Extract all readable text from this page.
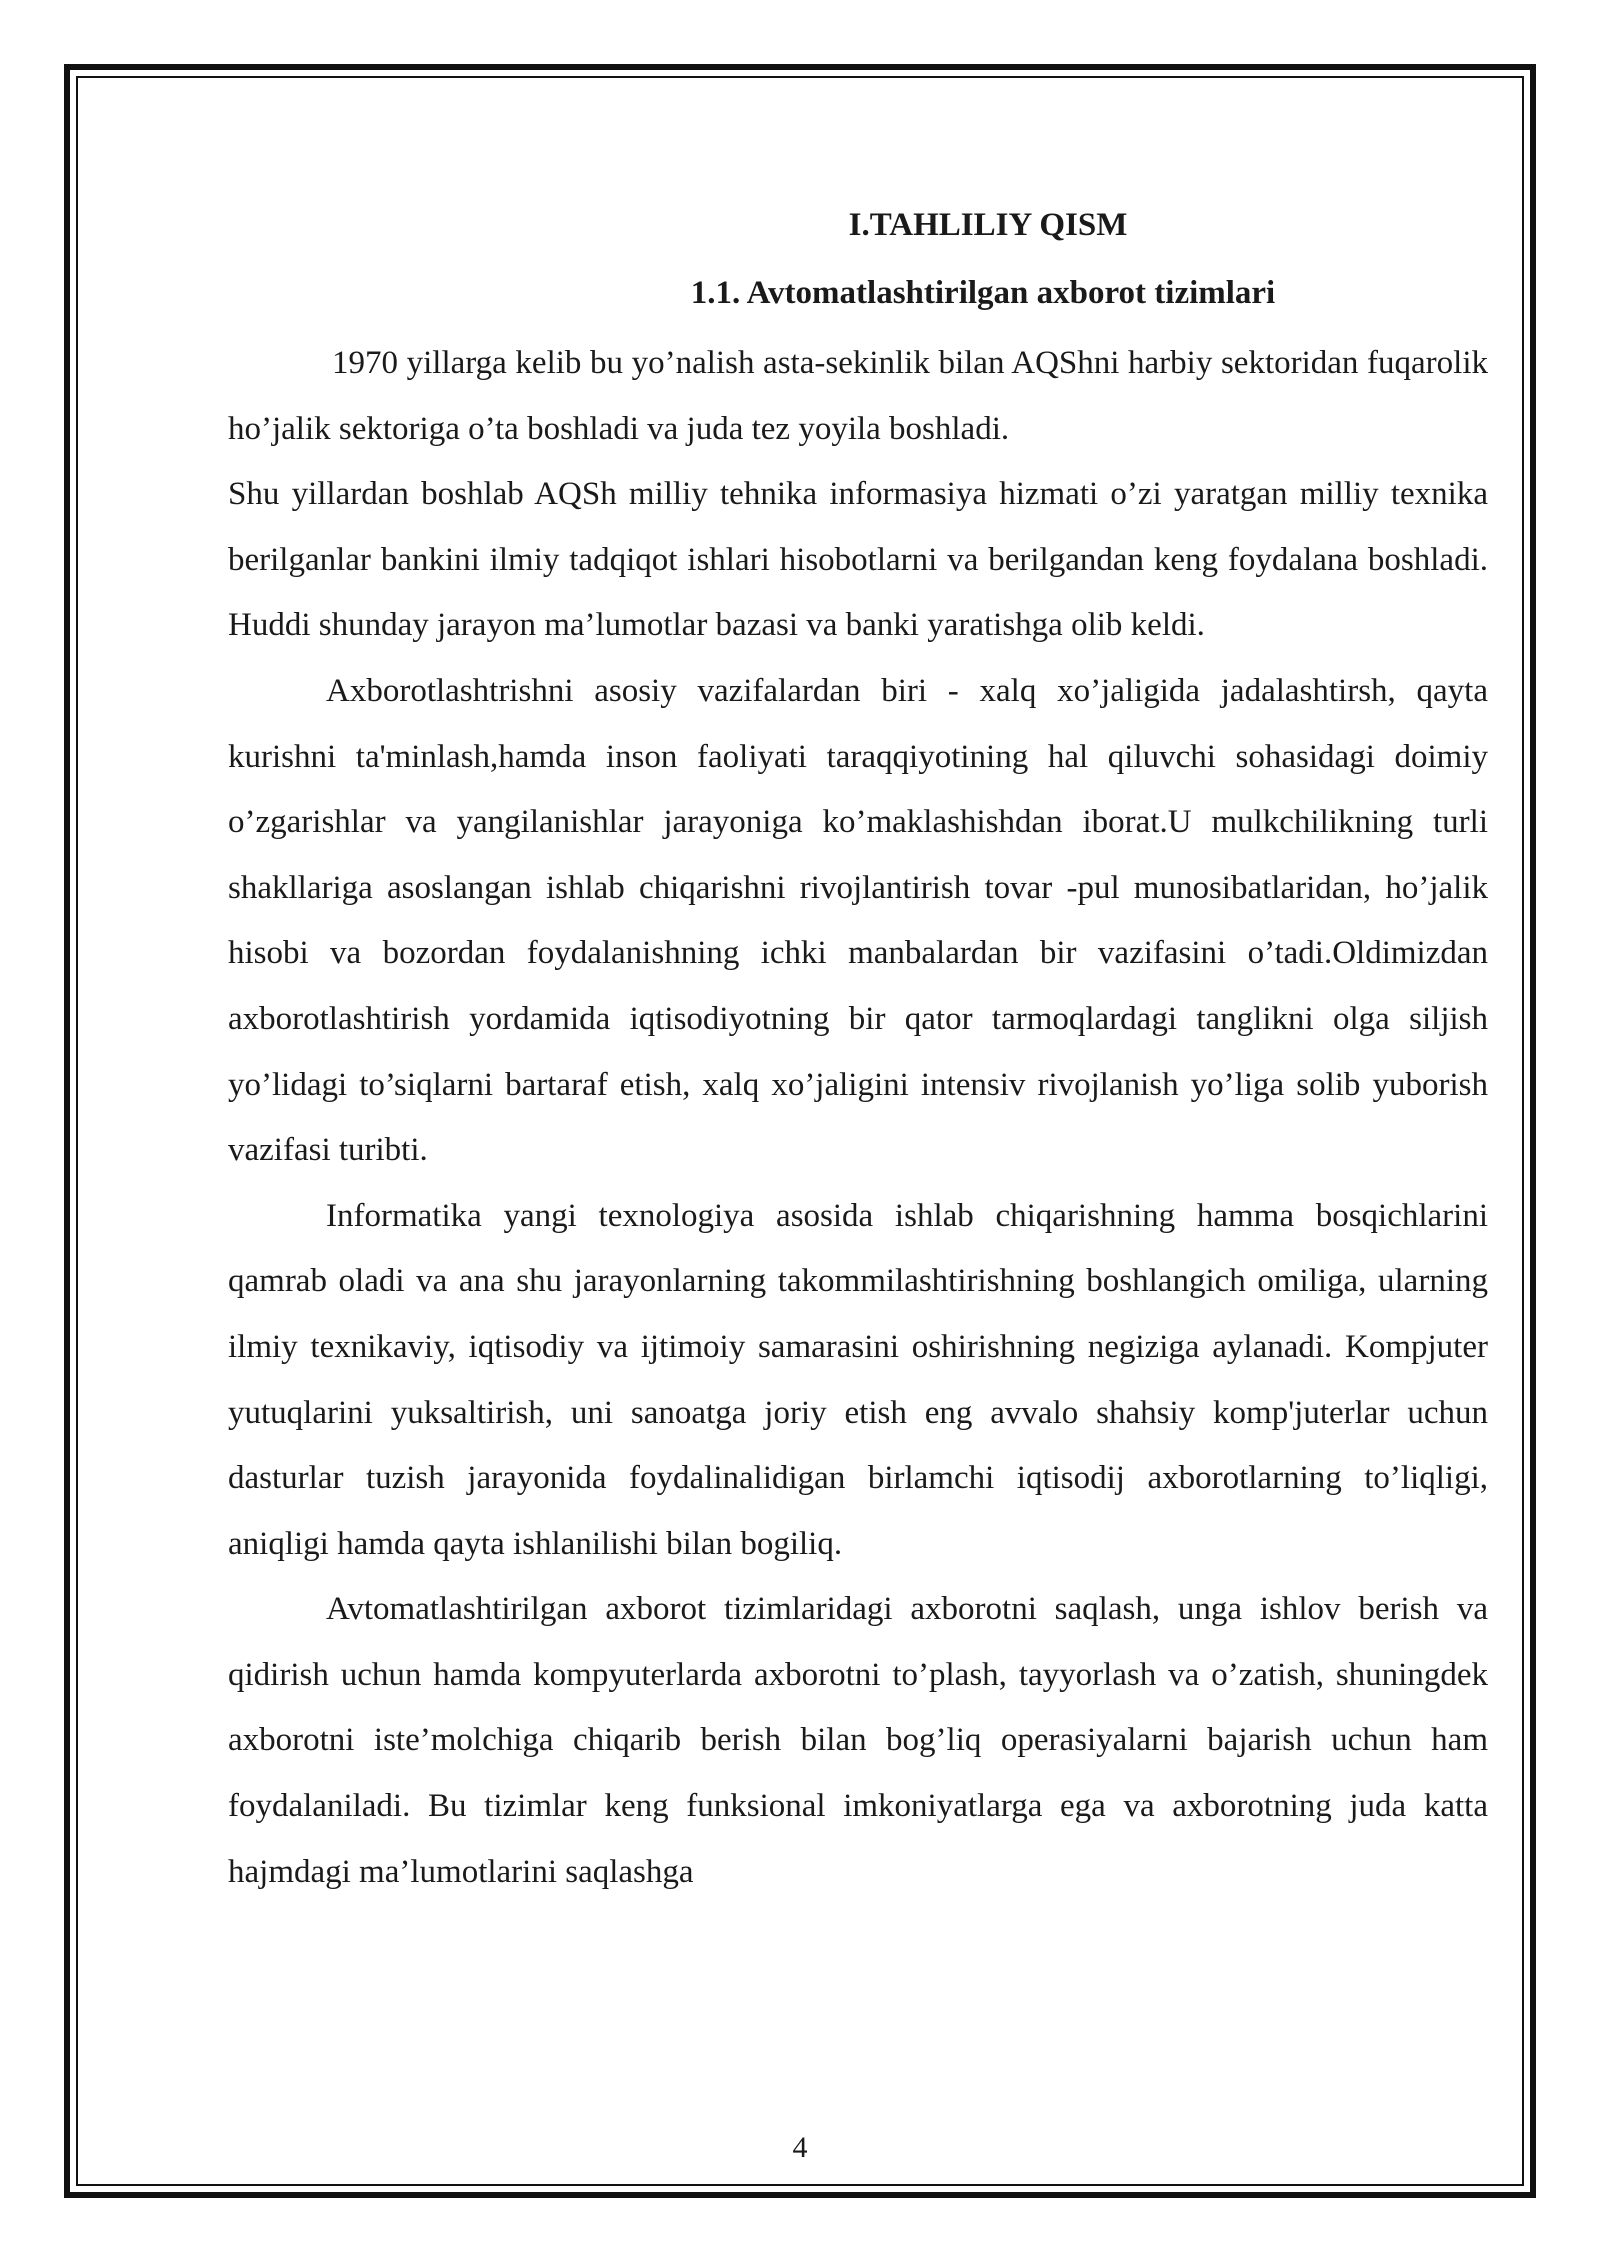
I.TAHLILIY QISM

1.1. Avtomatlashtirilgan axborot tizimlari

1970 yillarga kelib bu yo’nalish asta-sekinlik bilan AQShni harbiy sektoridan fuqarolik ho’jalik sektoriga o’ta boshladi va juda tez yoyila boshladi.

Shu yillardan boshlab AQSh milliy tehnika informasiya hizmati o’zi yaratgan milliy texnika berilganlar bankini ilmiy tadqiqot ishlari hisobotlarni va berilgandan keng foydalana boshladi. Huddi shunday jarayon ma’lumotlar bazasi va banki yaratishga olib keldi.

Axborotlashtrishni asosiy vazifalardan biri - xalq xo’jaligida jadalashtirsh, qayta kurishni ta'minlash,hamda inson faoliyati taraqqiyotining hal qiluvchi sohasidagi doimiy o’zgarishlar va yangilanishlar jarayoniga ko’maklashishdan iborat.U mulkchilikning turli shakllariga asoslangan ishlab chiqarishni rivojlantirish tovar -pul munosibatlaridan, ho’jalik hisobi va bozordan foydalanishning ichki manbalardan bir vazifasini o’tadi.Oldimizdan axborotlashtirish yordamida iqtisodiyotning bir qator tarmoqlardagi tanglikni olga siljish yo’lidagi to’siqlarni bartaraf etish, xalq xo’jaligini intensiv rivojlanish yo’liga solib yuborish vazifasi turibti.

Informatika yangi texnologiya asosida ishlab chiqarishning hamma bosqichlarini qamrab oladi va ana shu jarayonlarning takommilashtirishning boshlangich omiliga, ularning ilmiy texnikaviy, iqtisodiy va ijtimoiy samarasini oshirishning negiziga aylanadi. Kompjuter yutuqlarini yuksaltirish, uni sanoatga joriy etish eng avvalo shahsiy komp'juterlar uchun dasturlar tuzish jarayonida foydalinalidigan birlamchi iqtisodij axborotlarning to’liqligi, aniqligi hamda qayta ishlanilishi bilan bogiliq.

Avtomatlashtirilgan axborot tizimlaridagi axborotni saqlash, unga ishlov berish va qidirish uchun hamda kompyuterlarda axborotni to’plash, tayyorlash va o’zatish, shuningdek axborotni iste’molchiga chiqarib berish bilan bog’liq operasiyalarni bajarish uchun ham foydalaniladi. Bu tizimlar keng funksional imkoniyatlarga ega va axborotning juda katta hajmdagi ma’lumotlarini saqlashga

4
